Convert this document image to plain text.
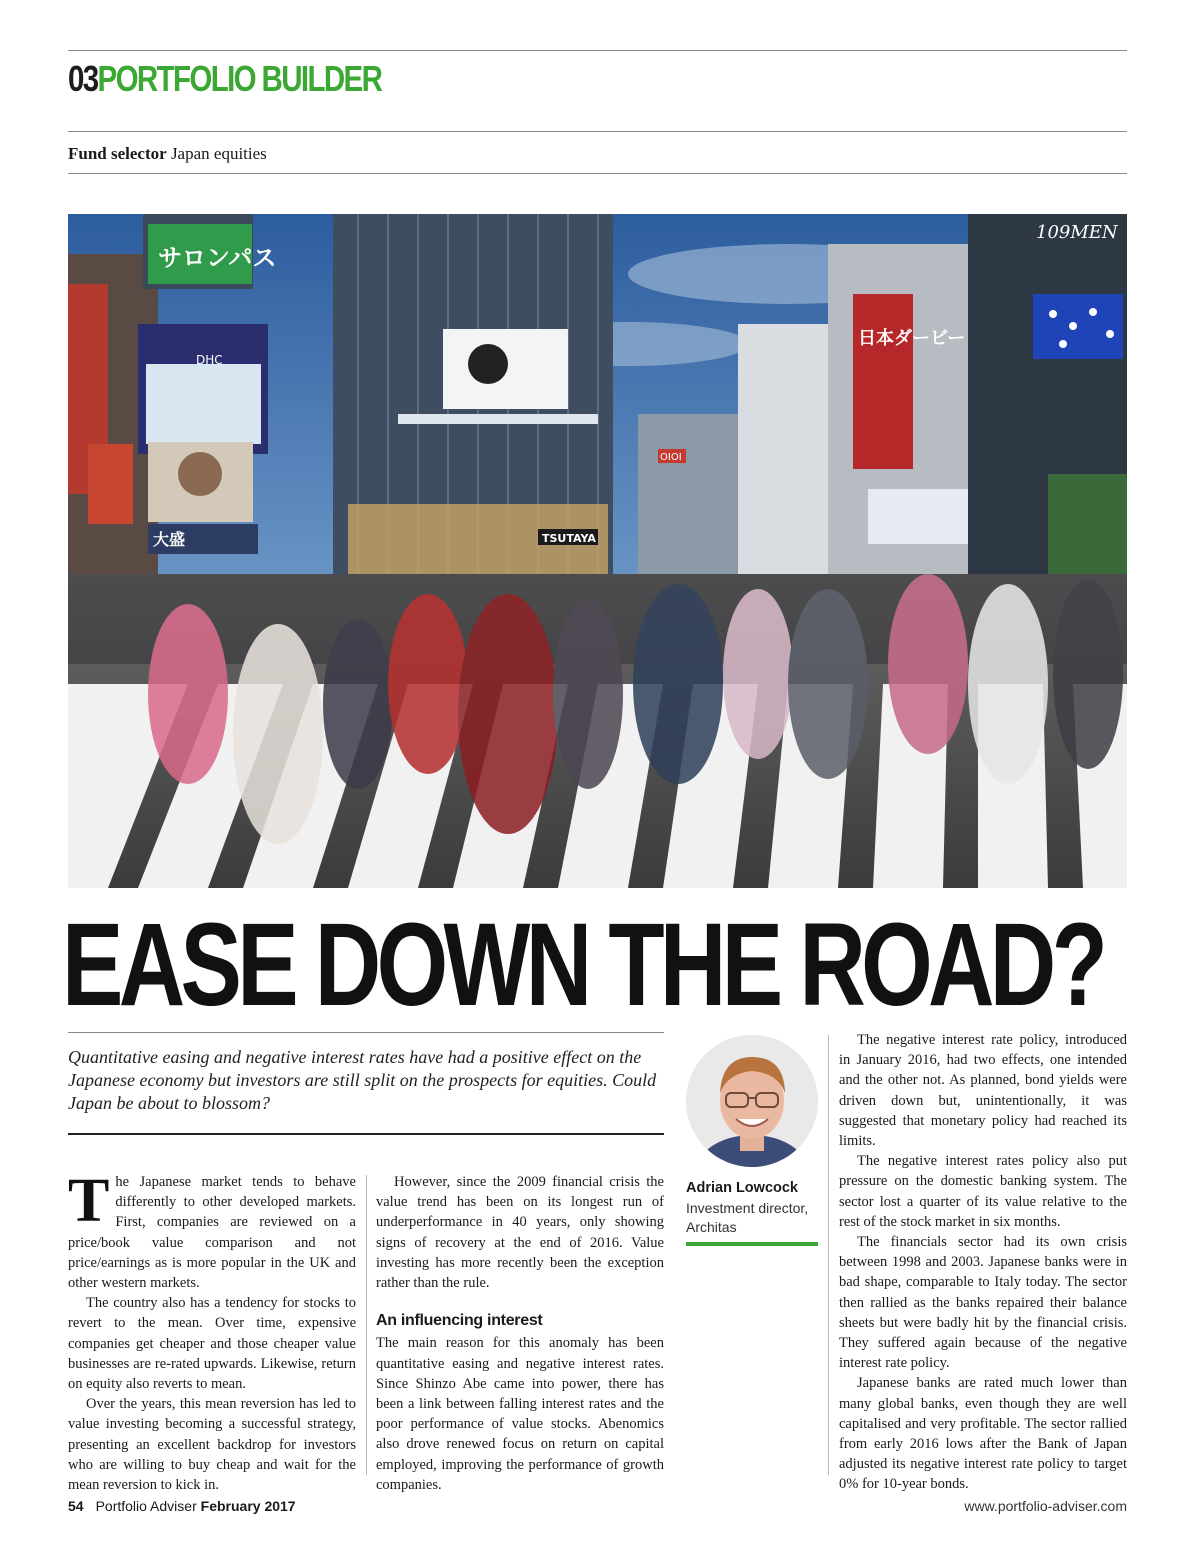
03PORTFOLIO BUILDER
Fund selector Japan equities
サロンパス
DHC
大盛	TSUTAYA
OIOI
日本ダービー
109MEN
EASE DOWN THE ROAD?
Quantitative easing and negative interest rates have had a positive effect on the Japanese economy but investors are still split on the prospects for equities. Could Japan be about to blossom?

The Japanese market tends to behave differently to other developed markets. First, companies are reviewed on a price/book value comparison and not price/earnings as is more popular in the UK and other western markets.

The country also has a tendency for stocks to revert to the mean. Over time, expensive companies get cheaper and those cheaper value businesses are re-rated upwards. Likewise, return on equity also reverts to mean.

Over the years, this mean reversion has led to value investing becoming a successful strategy, presenting an excellent backdrop for investors who are willing to buy cheap and wait for the mean reversion to kick in.

However, since the 2009 financial crisis the value trend has been on its longest run of underperformance in 40 years, only showing signs of recovery at the end of 2016. Value investing has more recently been the exception rather than the rule.

An influencing interest

The main reason for this anomaly has been quantitative easing and negative interest rates. Since Shinzo Abe came into power, there has been a link between falling interest rates and the poor performance of value stocks. Abenomics also drove renewed focus on return on capital employed, improving the performance of growth companies.

Adrian Lowcock
Investment director, Architas

The negative interest rate policy, introduced in January 2016, had two effects, one intended and the other not. As planned, bond yields were driven down but, unintentionally, it was suggested that monetary policy had reached its limits.

The negative interest rates policy also put pressure on the domestic banking system. The sector lost a quarter of its value relative to the rest of the stock market in six months.

The financials sector had its own crisis between 1998 and 2003. Japanese banks were in bad shape, comparable to Italy today. The sector then rallied as the banks repaired their balance sheets but were badly hit by the financial crisis. They suffered again because of the negative interest rate policy.

Japanese banks are rated much lower than many global banks, even though they are well capitalised and very profitable. The sector rallied from early 2016 lows after the Bank of Japan adjusted its negative interest rate policy to target 0% for 10-year bonds.

54 Portfolio Adviser February 2017	www.portfolio-adviser.com
